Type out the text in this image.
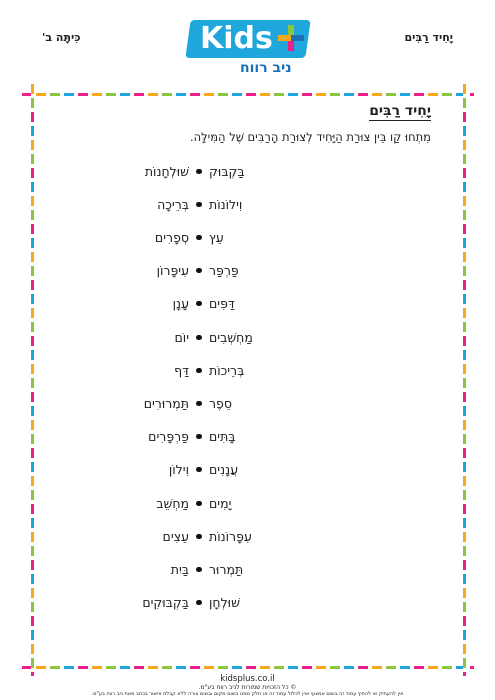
כִּיתָּה ב'	יָחִיד רַבִּים
Kids
ניב רווח
יָחִיד רַבִּים
מִתְחוּ קַו בֵּין צוּרַת הַיָּחִיד לְצוּרַת הָרַבִּים שֶׁל הַמִּילָּה.
בַּקְבּוּק
וִילוֹנוֹת
עֵץ
פַּרְפַּר
דַּפִּים
מַחְשְׁבִים
בְּרֵיכוֹת
סֵפֶר
בָּתִּים
עֲנָנִים
יָמִים
עִפָּרוֹנוֹת
תַּמְרוּר
שׁוּלְחָן
שׁוּלְחָנוֹת
בְּרֵיכָה
סְפָרִים
עִיפָּרוֹן
עָנָן
יוֹם
דַּף
תַּמְרוּרִים
פַּרְפָּרִים
וִילוֹן
מַחְשֵׁב
עֵצִים
בַּיִת
בַּקְבּוּקִים
kidsplus.co.il
© כל הזכויות שמורות לניב רווח בע"מ.
אין להעתיק או להפיץ עמוד זה בשום אמצעי ואין לכלול עמוד זה או חלק ממנו בשום מקום ובשום צורה ללא קבלת אישור בכתב מאת ניב רווח בע"מ.
